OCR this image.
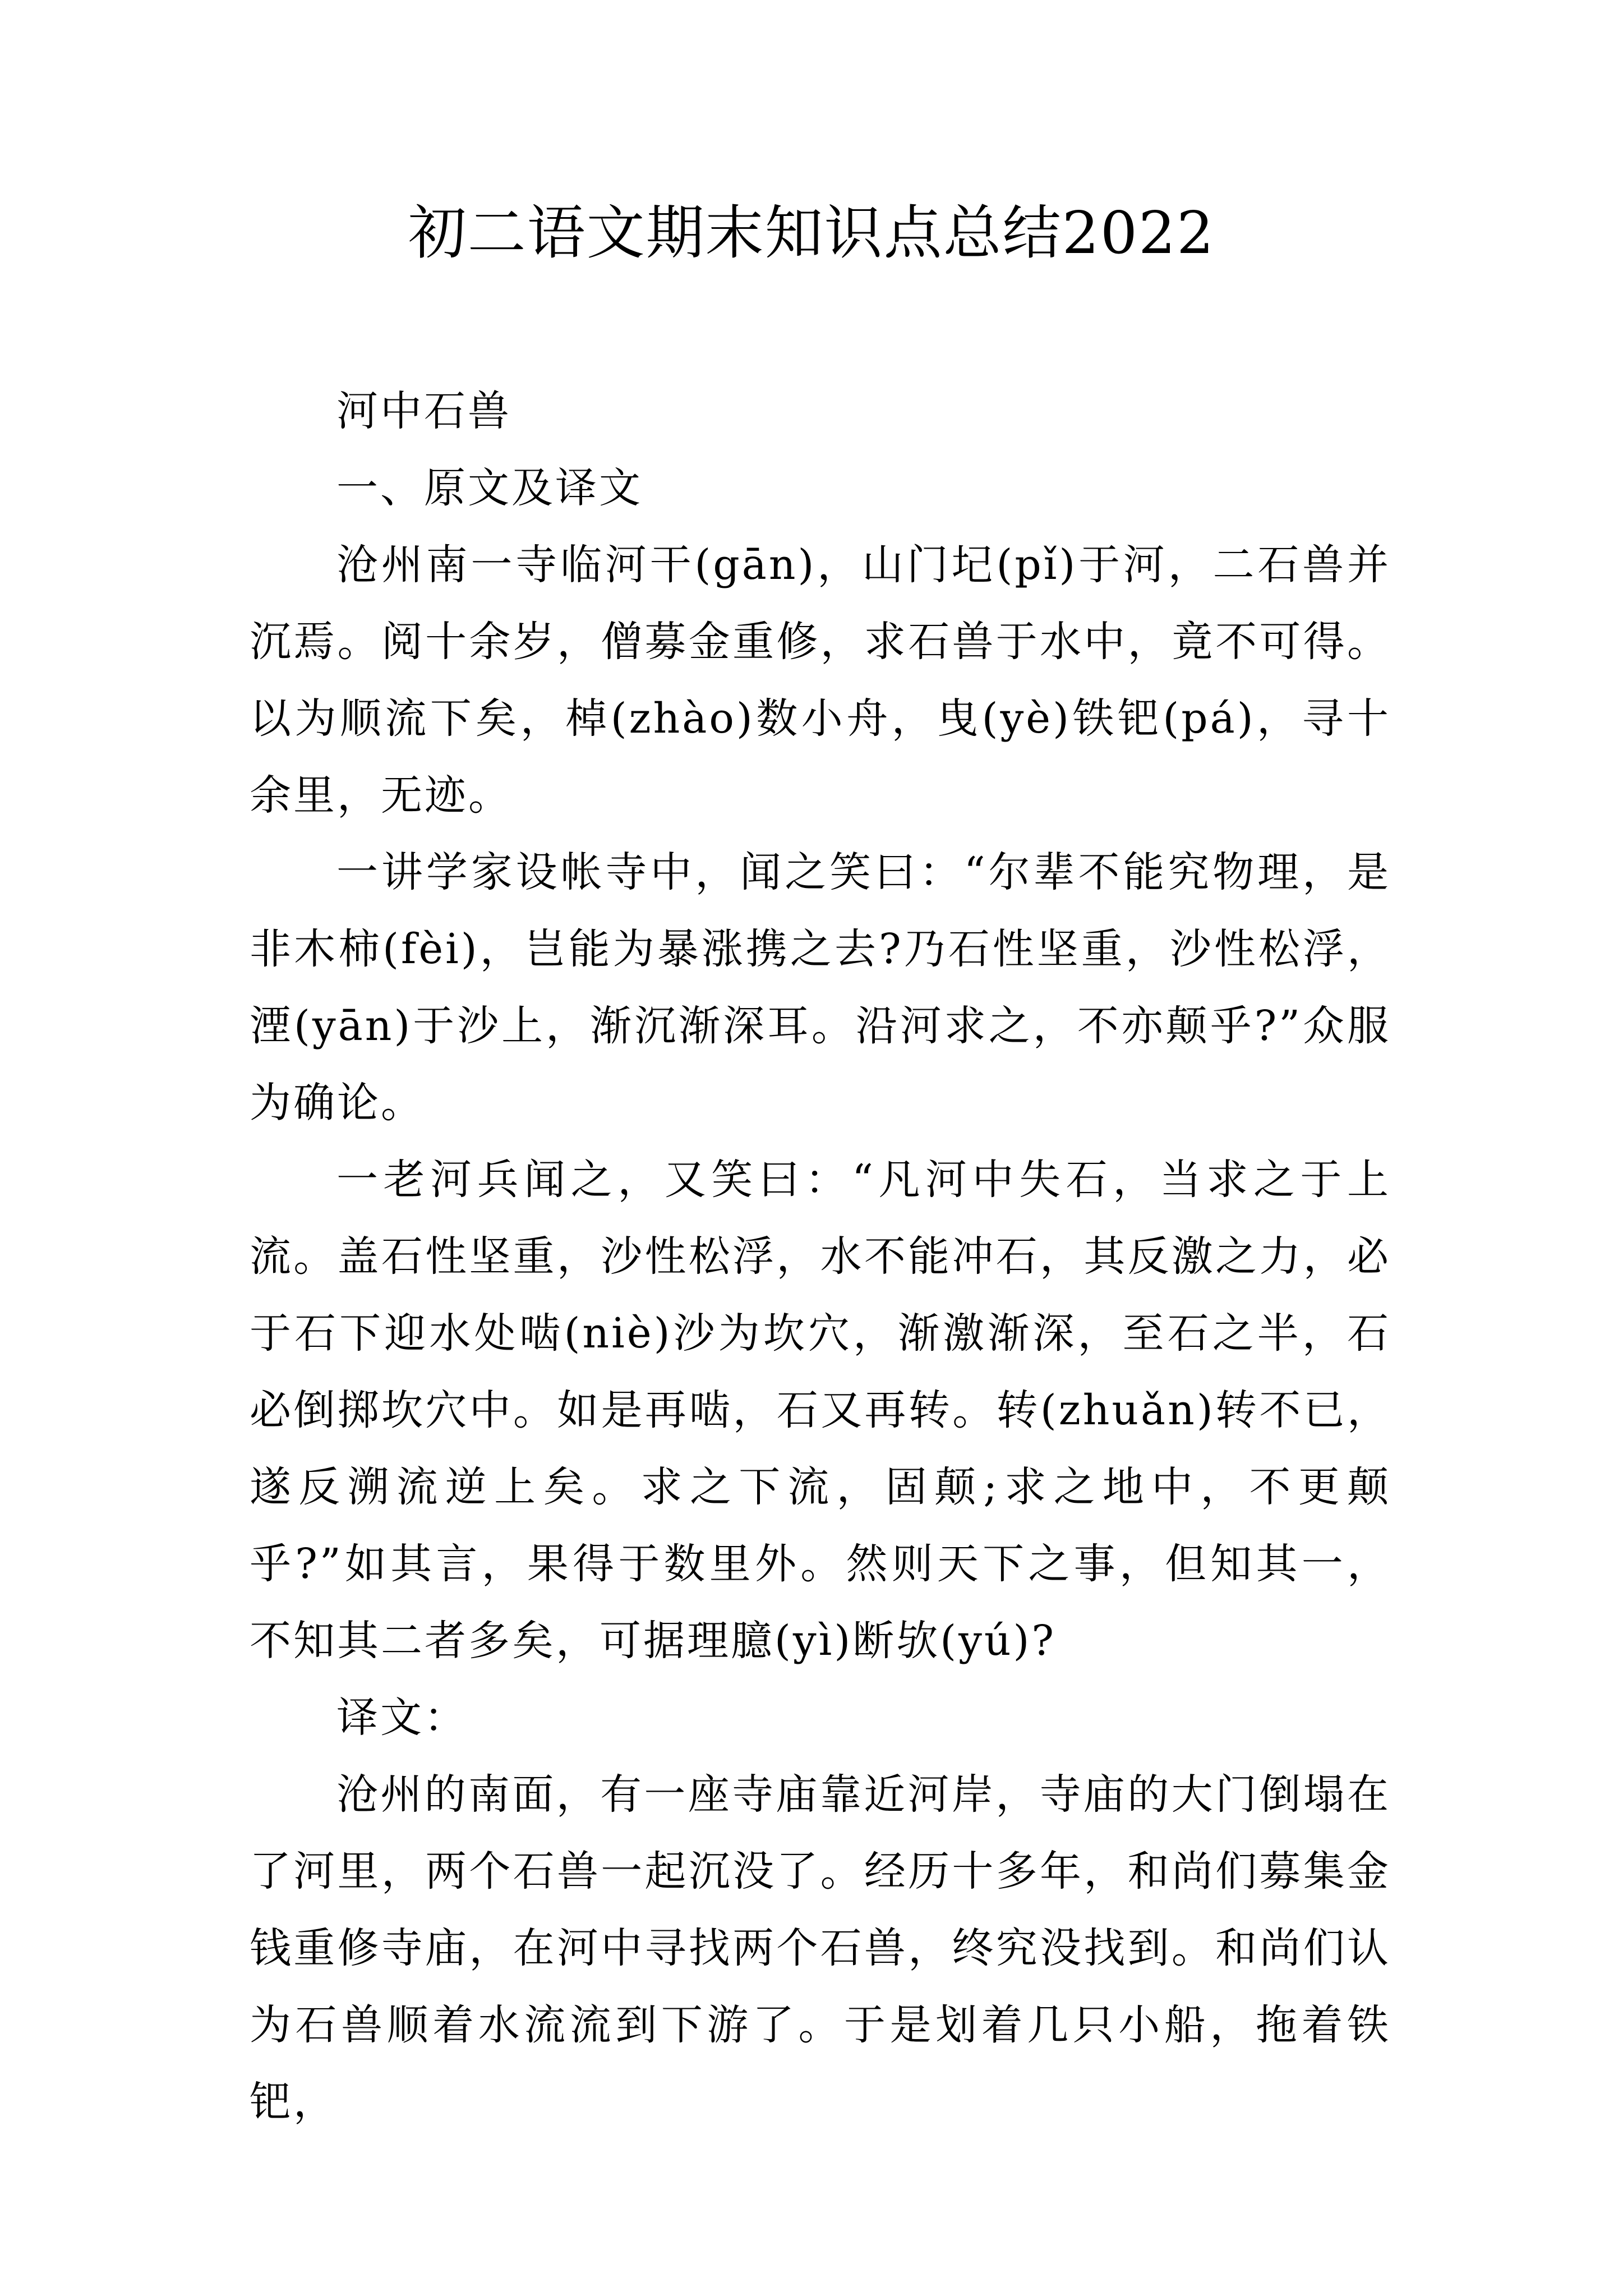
初二语文期末知识点总结2022

河中石兽

一、原文及译文

沧州南一寺临河干(gān)，山门圮(pǐ)于河，二石兽并沉焉。阅十余岁，僧募金重修，求石兽于水中，竟不可得。以为顺流下矣，棹(zhào)数小舟，曳(yè)铁钯(pá)，寻十余里，无迹。

一讲学家设帐寺中，闻之笑曰：“尔辈不能究物理，是非木柿(fèi)，岂能为暴涨携之去?乃石性坚重，沙性松浮，湮(yān)于沙上，渐沉渐深耳。沿河求之，不亦颠乎?”众服为确论。

一老河兵闻之，又笑曰：“凡河中失石，当求之于上流。盖石性坚重，沙性松浮，水不能冲石，其反激之力，必于石下迎水处啮(niè)沙为坎穴，渐激渐深，至石之半，石必倒掷坎穴中。如是再啮，石又再转。转(zhuǎn)转不已，遂反溯流逆上矣。求之下流，固颠;求之地中，不更颠乎?”如其言，果得于数里外。然则天下之事，但知其一，不知其二者多矣，可据理臆(yì)断欤(yú)?

译文：

沧州的南面，有一座寺庙靠近河岸，寺庙的大门倒塌在了河里，两个石兽一起沉没了。经历十多年，和尚们募集金钱重修寺庙，在河中寻找两个石兽，终究没找到。和尚们认为石兽顺着水流流到下游了。于是划着几只小船，拖着铁钯，
